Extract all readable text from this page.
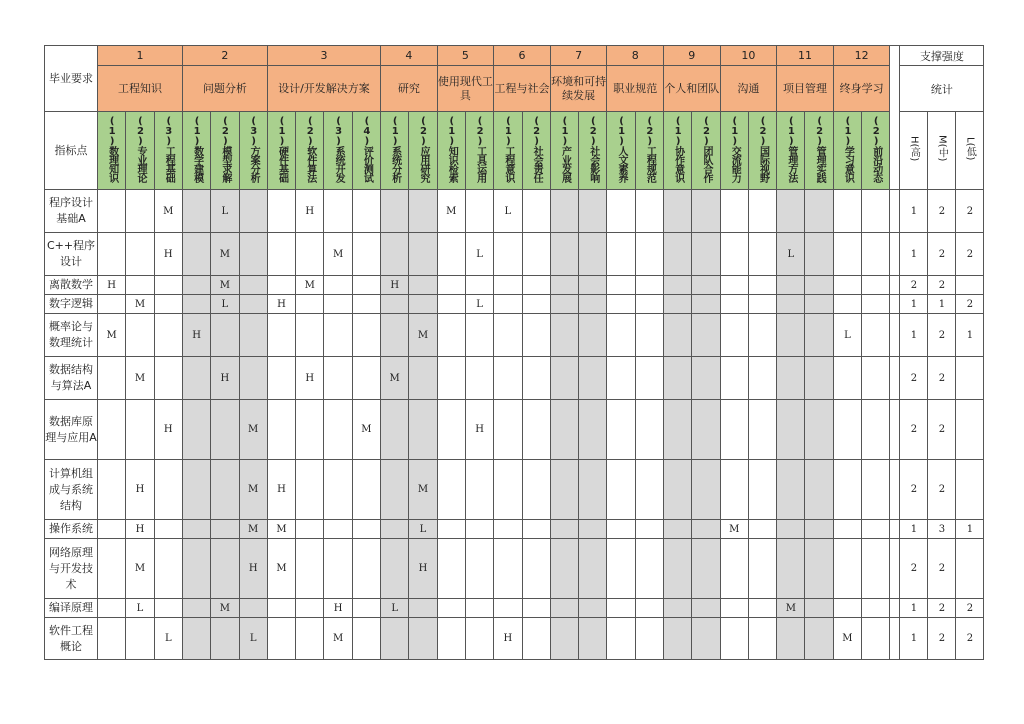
毕业要求	1			2			3				4		5		6		7		8		9		10		11		12			支撑强度		
	工程知识			问题分析			设计/开发解决方案				研究		使用现代工具		工程与社会		环境和可持续发展		职业规范		个人和团队		沟通		项目管理		终身学习			统计		
指标点	(1)数理知识	(2)专业理论	(3)工程基础	(1)数学建模	(2)模型求解	(3)方案分析	(1)硬件基础	(2)软件算法	(3)系统开发	(4)评价测试	(1)系统分析	(2)应用研究	(1)知识检索	(2)工具运用	(1)工程意识	(2)社会责任	(1)产业发展	(2)社会影响	(1)人文素养	(2)工程规范	(1)协作意识	(2)团队合作	(1)交流能力	(2)国际视野	(1)管理方法	(2)管理实践	(1)学习意识	(2)前沿动态		H(高)	M(中)	L(低)
程序设计基础A			M		L			H					M		L															1	2	2
C++程序设计			H		M				M					L											L					1	2	2
离散数学	H				M			M			H																			2	2	
数字逻辑		M			L		H							L																1	1	2
概率论与数理统计	M			H								M															L			1	2	1
数据结构与算法A		M			H			H			M																			2	2	
数据库原理与应用A			H			M				M				H																2	2	
计算机组成与系统结构		H				M	H					M																		2	2	
操作系统		H				M	M					L											M							1	3	1
网络原理与开发技术		M				H	M					H																		2	2	
编译原理		L			M				H		L														M					1	2	2
软件工程概论			L			L			M						H												M			1	2	2
